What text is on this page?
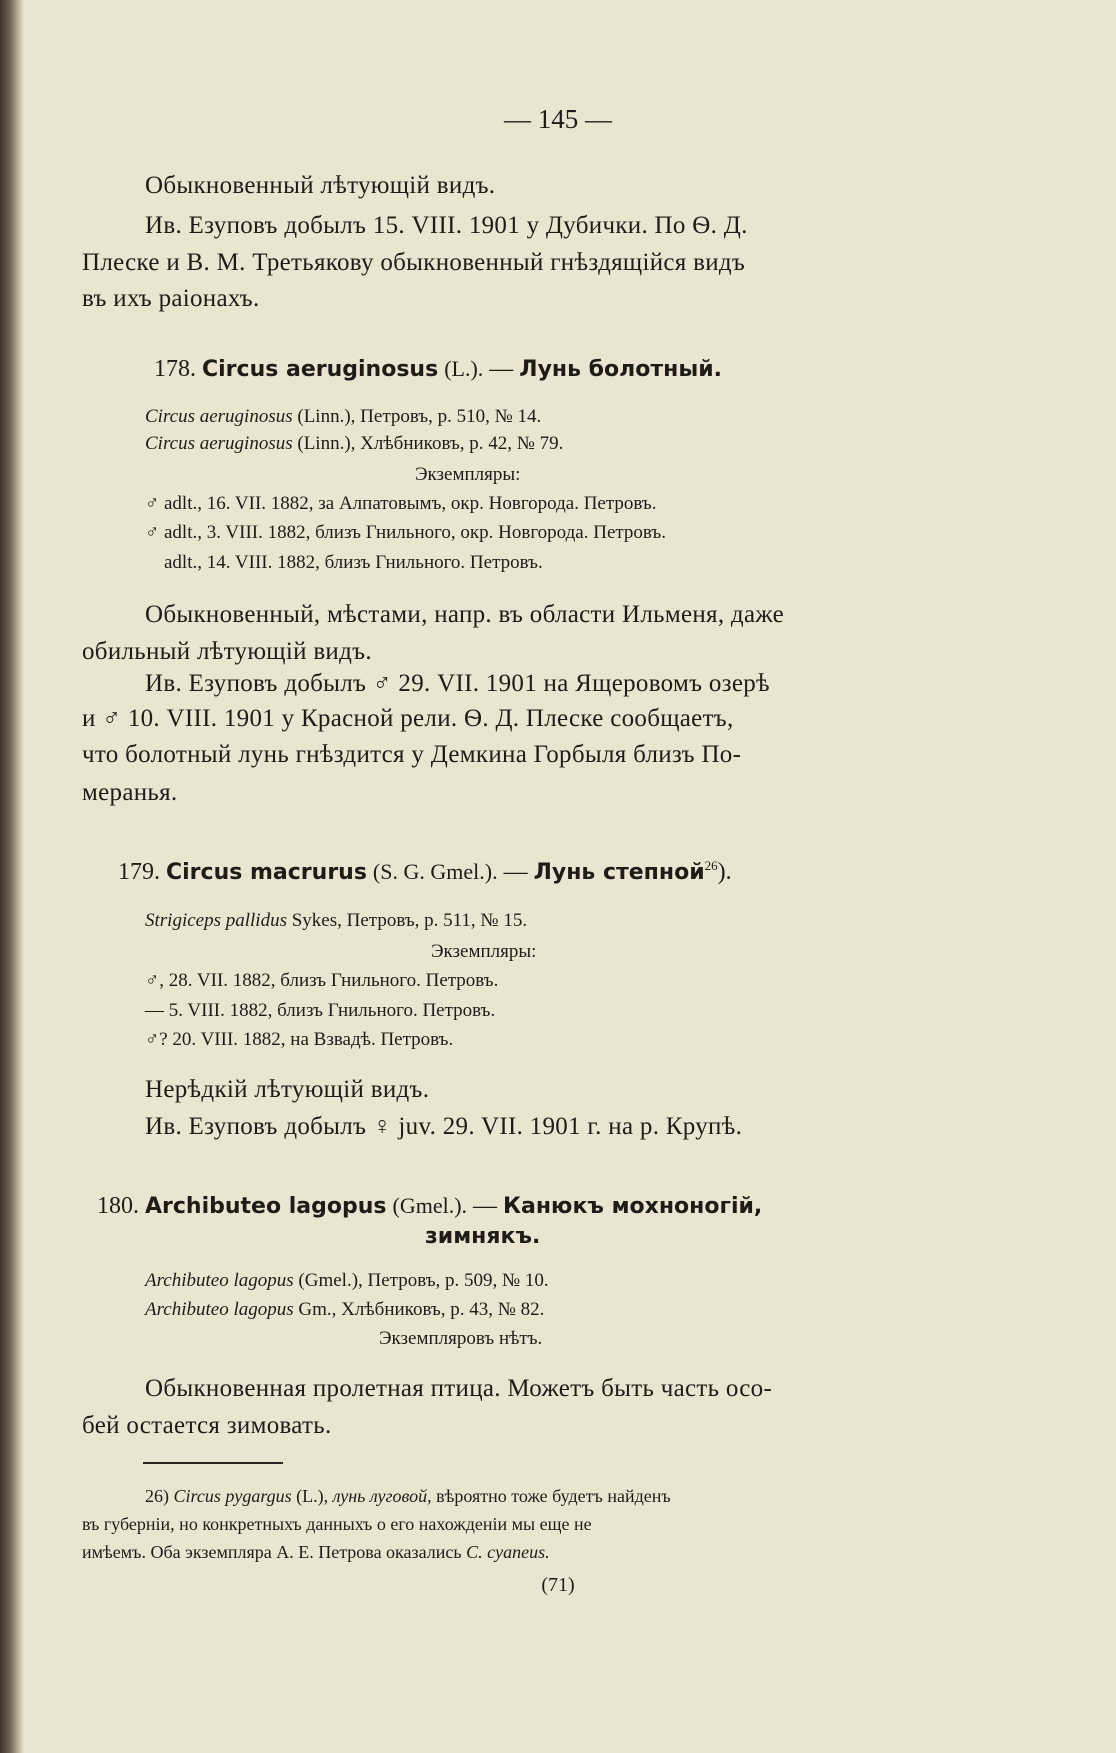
— 145 —
Обыкновенный лѣтующій видъ.
Ив. Езуповъ добылъ 15. VIII. 1901 у Дубички. По Ѳ. Д.
Плеске и В. М. Третьякову обыкновенный гнѣздящійся видъ
въ ихъ раіонахъ.
178. Circus aeruginosus (L.). — Лунь болотный.
Circus aeruginosus (Linn.), Петровъ, p. 510, № 14.
Circus aeruginosus (Linn.), Хлѣбниковъ, p. 42, № 79.
Экземпляры:
♂ adlt., 16. VII. 1882, за Алпатовымъ, окр. Новгорода. Петровъ.
♂ adlt., 3. VIII. 1882, близъ Гнильного, окр. Новгорода. Петровъ.
adlt., 14. VIII. 1882, близъ Гнильного. Петровъ.
Обыкновенный, мѣстами, напр. въ области Ильменя, даже
обильный лѣтующій видъ.
Ив. Езуповъ добылъ ♂ 29. VII. 1901 на Ящеровомъ озерѣ
и ♂ 10. VIII. 1901 у Красной рели. Ѳ. Д. Плеске сообщаетъ,
что болотный лунь гнѣздится у Демкина Горбыля близъ По-
меранья.
179. Circus macrurus (S. G. Gmel.). — Лунь степной$^{26}$).
Strigiceps pallidus Sykes, Петровъ, p. 511, № 15.
Экземпляры:
♂, 28. VII. 1882, близъ Гнильного. Петровъ.
— 5. VIII. 1882, близъ Гнильного. Петровъ.
♂? 20. VIII. 1882, на Взвадѣ. Петровъ.
Нерѣдкій лѣтующій видъ.
Ив. Езуповъ добылъ ♀ juv. 29. VII. 1901 г. на р. Крупѣ.
180. Archibuteo lagopus (Gmel.). — Канюкъ мохноногій,
зимнякъ.
Archibuteo lagopus (Gmel.), Петровъ, p. 509, № 10.
Archibuteo lagopus Gm., Хлѣбниковъ, p. 43, № 82.
Экземпляровъ нѣтъ.
Обыкновенная пролетная птица. Можетъ быть часть осо-
бей остается зимовать.
26) Circus pygargus (L.), лунь луговой, вѣроятно тоже будетъ найденъ
въ губерніи, но конкретныхъ данныхъ о его нахожденіи мы еще не
имѣемъ. Оба экземпляра А. Е. Петрова оказались C. cyaneus.
(71)
